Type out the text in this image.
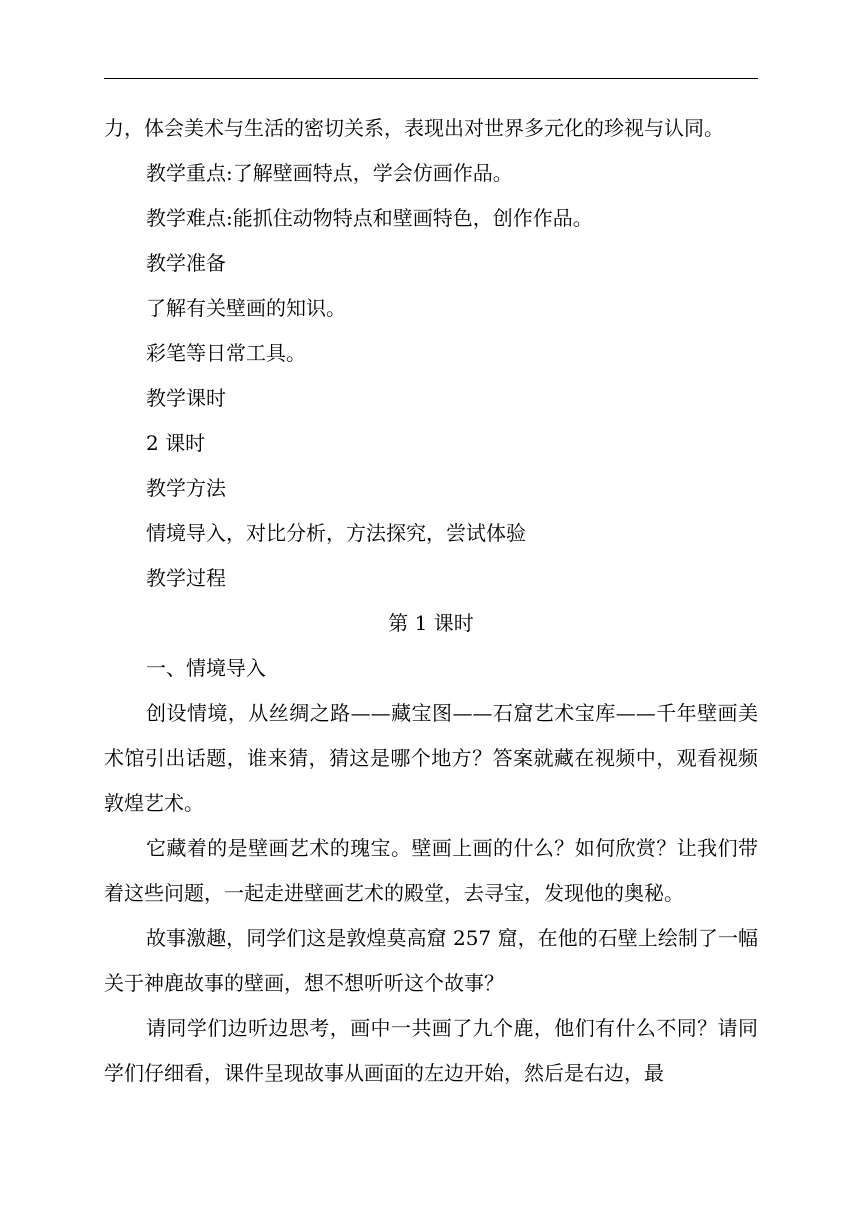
力，体会美术与生活的密切关系，表现出对世界多元化的珍视与认同。

教学重点:了解壁画特点，学会仿画作品。

教学难点:能抓住动物特点和壁画特色，创作作品。

教学准备

了解有关壁画的知识。

彩笔等日常工具。

教学课时

2 课时

教学方法

情境导入，对比分析，方法探究，尝试体验

教学过程

第 1 课时

一、情境导入

创设情境，从丝绸之路——藏宝图——石窟艺术宝库——千年壁画美术馆引出话题，谁来猜，猜这是哪个地方？答案就藏在视频中，观看视频敦煌艺术。

它藏着的是壁画艺术的瑰宝。壁画上画的什么？如何欣赏？让我们带着这些问题，一起走进壁画艺术的殿堂，去寻宝，发现他的奥秘。

故事激趣，同学们这是敦煌莫高窟 257 窟，在他的石壁上绘制了一幅关于神鹿故事的壁画，想不想听听这个故事？

请同学们边听边思考，画中一共画了九个鹿，他们有什么不同？请同学们仔细看，课件呈现故事从画面的左边开始，然后是右边，最
